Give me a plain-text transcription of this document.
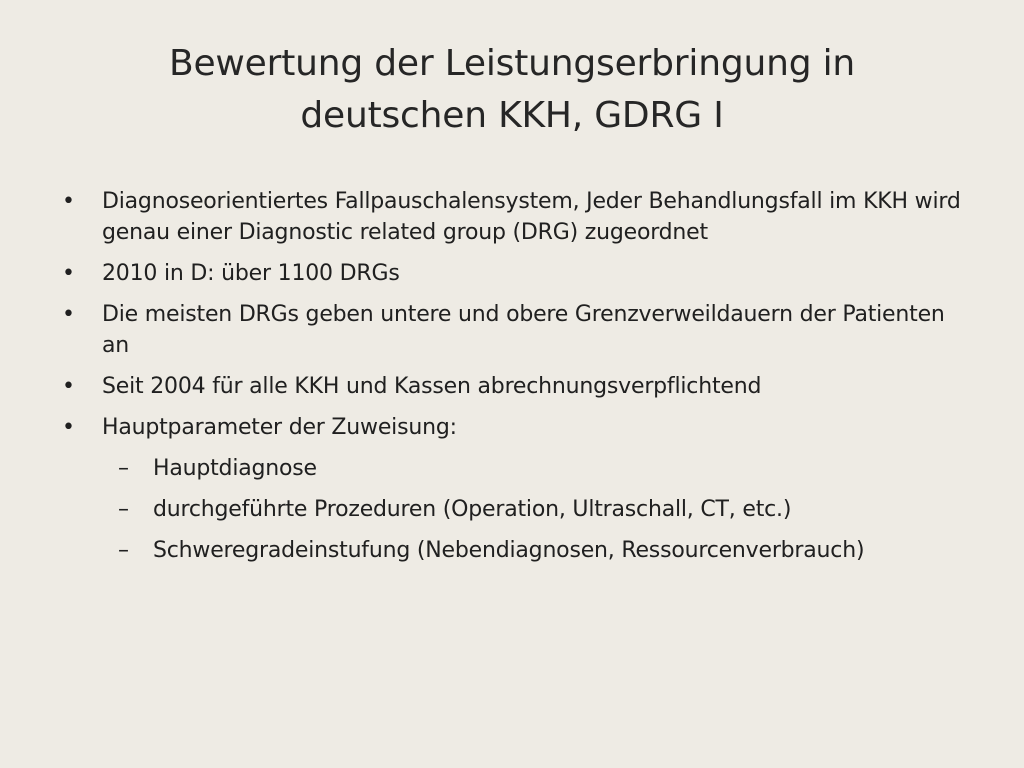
Bewertung der Leistungserbringung in deutschen KKH, GDRG I
• Diagnoseorientiertes Fallpauschalensystem, Jeder Behandlungsfall im KKH wird genau einer Diagnostic related group (DRG) zugeordnet
• 2010 in D: über 1100 DRGs
• Die meisten DRGs geben untere und obere Grenzverweildauern der Patienten an
• Seit 2004 für alle KKH und Kassen abrechnungsverpflichtend
• Hauptparameter der Zuweisung:
– Hauptdiagnose
– durchgeführte Prozeduren (Operation, Ultraschall, CT, etc.)
– Schweregradeinstufung (Nebendiagnosen, Ressourcenverbrauch)
